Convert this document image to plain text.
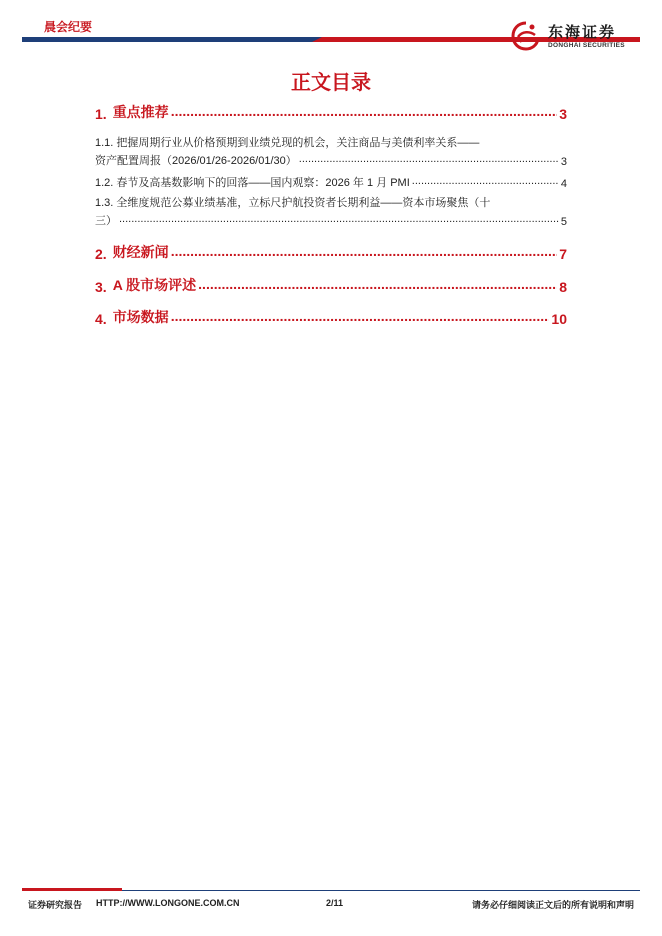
晨会纪要	东海证券
DONGHAI SECURITIES
正文目录
1. 重点推荐 .....	3
1.1. 把握周期行业从价格预期到业绩兑现的机会，关注商品与美债利率关系——
资产配置周报（2026/01/26-2026/01/30） .....	3
1.2. 春节及高基数影响下的回落——国内观察：2026 年 1 月 PMI .....	4
1.3. 全维度规范公募业绩基准，立标尺护航投资者长期利益——资本市场聚焦（十
三） .....	5
2. 财经新闻 .....	7
3. A 股市场评述 .....	8
4. 市场数据 .....	10
证券研究报告 HTTP://WWW.LONGONE.COM.CN	2/11	请务必仔细阅读正文后的所有说明和声明
